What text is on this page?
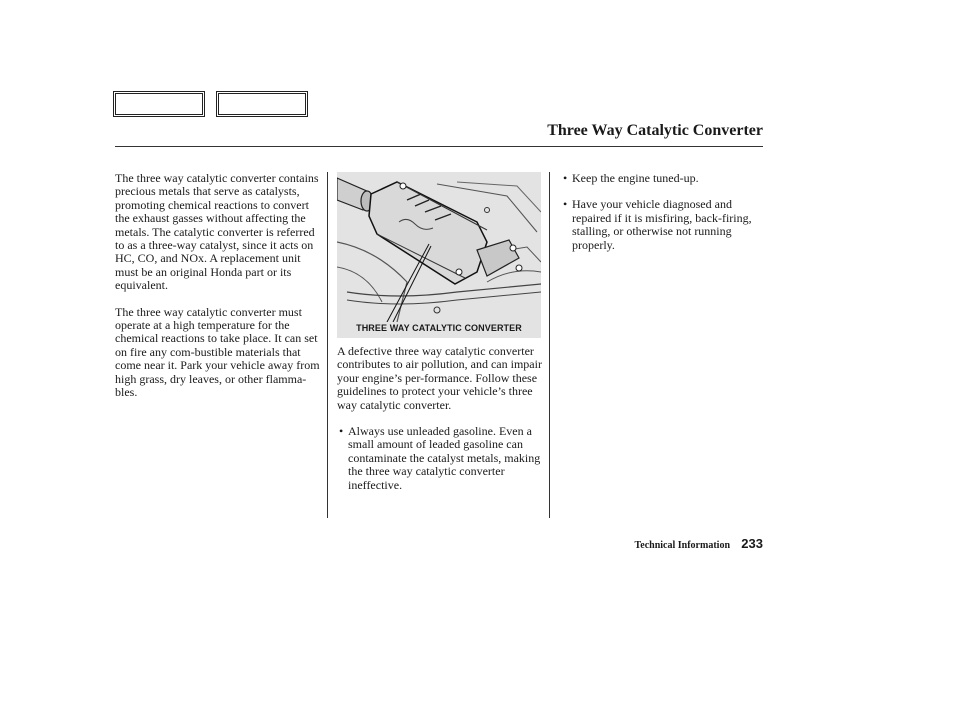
Three Way Catalytic Converter

The three way catalytic converter contains precious metals that serve as catalysts, promoting chemical reactions to convert the exhaust gasses without affecting the metals. The catalytic converter is referred to as a three-way catalyst, since it acts on HC, CO, and NOx. A replacement unit must be an original Honda part or its equivalent.

The three way catalytic converter must operate at a high temperature for the chemical reactions to take place. It can set on fire any com-bustible materials that come near it. Park your vehicle away from high grass, dry leaves, or other flamma-bles.

THREE WAY CATALYTIC CONVERTER

A defective three way catalytic converter contributes to air pollution, and can impair your engine’s per-formance. Follow these guidelines to protect your vehicle’s three way catalytic converter.

• Always use unleaded gasoline. Even a small amount of leaded gasoline can contaminate the catalyst metals, making the three way catalytic converter ineffective.
• Keep the engine tuned-up.
• Have your vehicle diagnosed and repaired if it is misfiring, back-firing, stalling, or otherwise not running properly.
Technical Information 233
